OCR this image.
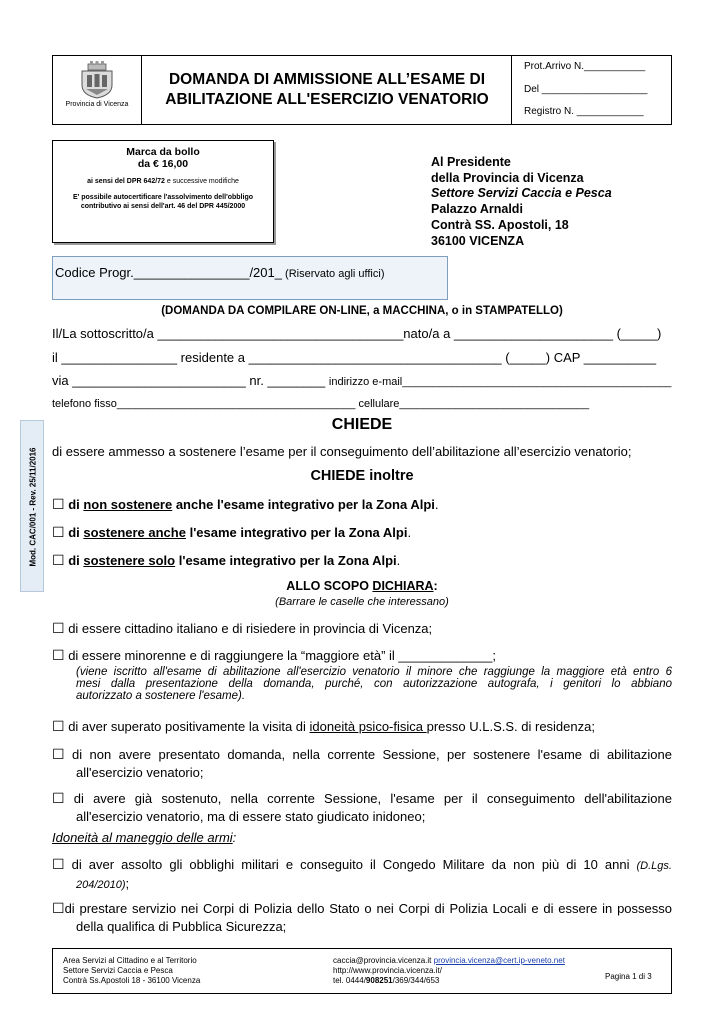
Provincia di Vicenza
DOMANDA DI AMMISSIONE ALL’ESAME DI
ABILITAZIONE ALL'ESERCIZIO VENATORIO
Prot.Arrivo N.___________
Del ___________________
Registro N. ____________
Marca da bollo
da € 16,00
ai sensi del DPR 642/72 e successive modifiche
E' possibile autocertificare l'assolvimento dell'obbligo
contributivo ai sensi dell'art. 46 del DPR 445/2000
Al Presidente
della Provincia di Vicenza
Settore Servizi Caccia e Pesca
Palazzo Arnaldi
Contrà SS. Apostoli, 18
36100 VICENZA
Codice Progr.________________/201_ (Riservato agli uffici)
(DOMANDA DA COMPILARE ON-LINE, a MACCHINA, o in STAMPATELLO)
Il/La sottoscritto/a __________________________________nato/a a ______________________ (_____)
il ________________ residente a ___________________________________ (_____) CAP __________
via ________________________ nr. ________ indirizzo e-mail____________________________________________
telefono fisso_______________________________________ cellulare_______________________________
CHIEDE
di essere ammesso a sostenere l’esame per il conseguimento dell’abilitazione all’esercizio venatorio;
CHIEDE inoltre
☐ di non sostenere anche l'esame integrativo per la Zona Alpi.
☐ di sostenere anche l'esame integrativo per la Zona Alpi.
☐ di sostenere solo l'esame integrativo per la Zona Alpi.
ALLO SCOPO DICHIARA:
(Barrare le caselle che interessano)
☐ di essere cittadino italiano e di risiedere in provincia di Vicenza;
☐ di essere minorenne e di raggiungere la “maggiore età” il _____________;
(viene iscritto all'esame di abilitazione all'esercizio venatorio il minore che raggiunge la maggiore età entro 6
mesi dalla presentazione della domanda, purché, con autorizzazione autografa, i genitori lo abbiano
autorizzato a sostenere l'esame).
☐ di aver superato positivamente la visita di idoneità psico-fisica presso U.L.S.S. di residenza;
☐ di non avere presentato domanda, nella corrente Sessione, per sostenere l'esame di abilitazione
all'esercizio venatorio;
☐ di avere già sostenuto, nella corrente Sessione, l'esame per il conseguimento dell'abilitazione
all'esercizio venatorio, ma di essere stato giudicato inidoneo;
Idoneità al maneggio delle armi:
☐ di aver assolto gli obblighi militari e conseguito il Congedo Militare da non più di 10 anni (D.Lgs.
204/2010);
☐di prestare servizio nei Corpi di Polizia dello Stato o nei Corpi di Polizia Locali e di essere in possesso
della qualifica di Pubblica Sicurezza;
Mod. CAC/001 - Rev. 25/11/2016
Area Servizi al Cittadino e al Territorio
Settore Servizi Caccia e Pesca
Contrà Ss.Apostoli 18 - 36100 Vicenza
caccia@provincia.vicenza.it provincia.vicenza@cert.ip-veneto.net
http://www.provincia.vicenza.it/
tel. 0444/908251/369/344/653	Pagina 1 di 3
